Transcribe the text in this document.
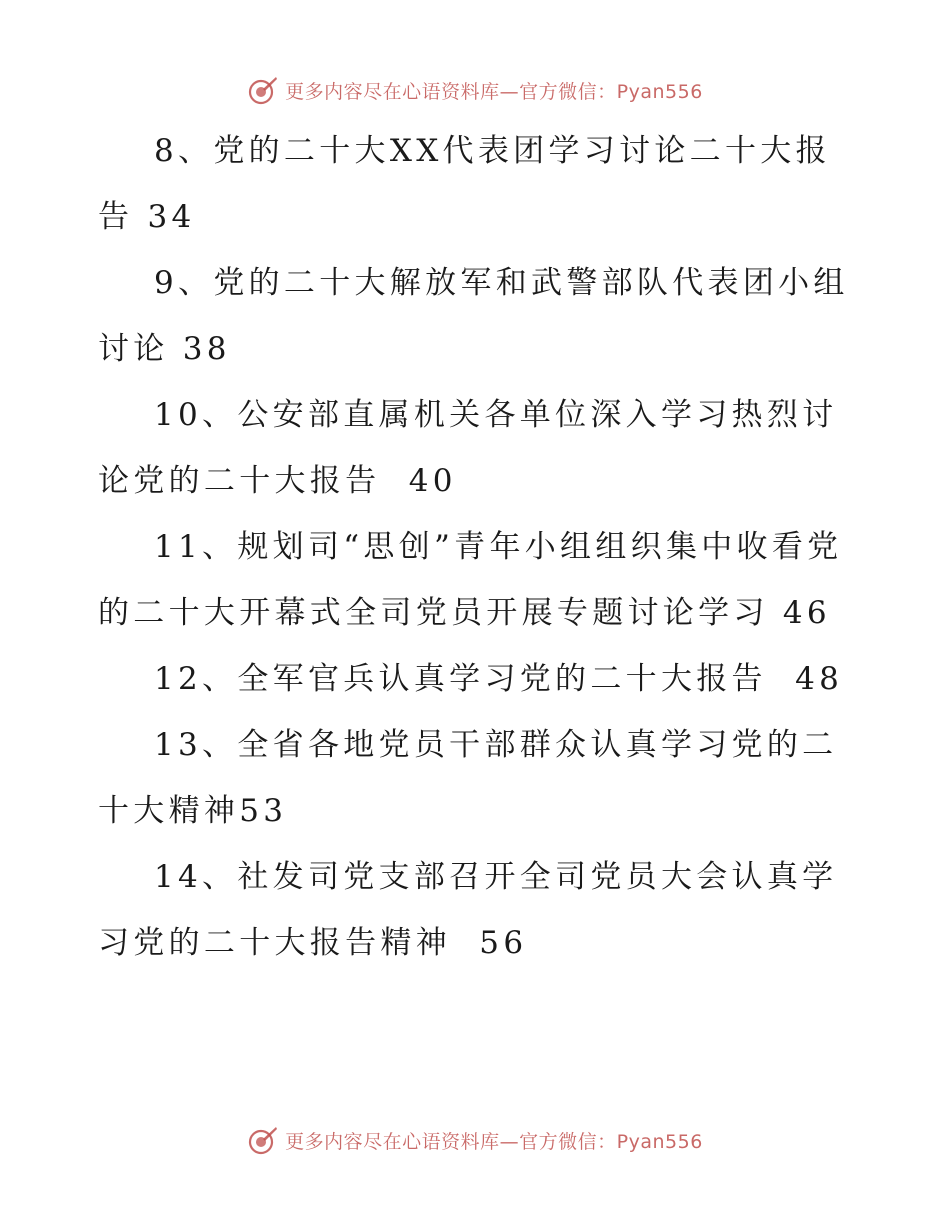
更多内容尽在心语资料库—官方微信：Pyan556
8、党的二十大XX代表团学习讨论二十大报告 34
9、党的二十大解放军和武警部队代表团小组讨论 38
10、公安部直属机关各单位深入学习热烈讨论党的二十大报告  40
11、规划司“思创”青年小组组织集中收看党的二十大开幕式全司党员开展专题讨论学习 46
12、全军官兵认真学习党的二十大报告  48
13、全省各地党员干部群众认真学习党的二十大精神53
14、社发司党支部召开全司党员大会认真学习党的二十大报告精神  56
更多内容尽在心语资料库—官方微信：Pyan556
